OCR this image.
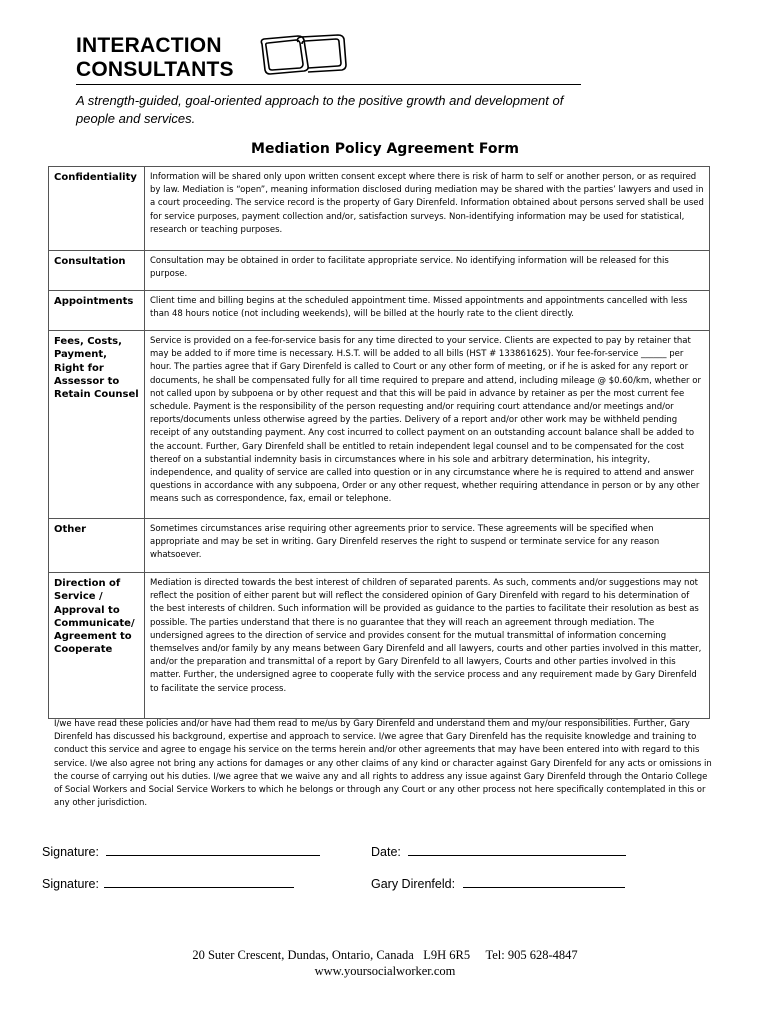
INTERACTION
CONSULTANTS
A strength-guided, goal-oriented approach to the positive growth and development of people and services.
Mediation Policy Agreement Form
Confidentiality	Information will be shared only upon written consent except where there is risk of harm to self or another person, or as required by law. Mediation is “open”, meaning information disclosed during mediation may be shared with the parties’ lawyers and used in a court proceeding. The service record is the property of Gary Direnfeld. Information obtained about persons served shall be used for service purposes, payment collection and/or, satisfaction surveys. Non-identifying information may be used for statistical, research or teaching purposes.
Consultation	Consultation may be obtained in order to facilitate appropriate service. No identifying information will be released for this purpose.
Appointments	Client time and billing begins at the scheduled appointment time. Missed appointments and appointments cancelled with less than 48 hours notice (not including weekends), will be billed at the hourly rate to the client directly.
Fees, Costs, Payment, Right for Assessor to Retain Counsel	Service is provided on a fee-for-service basis for any time directed to your service. Clients are expected to pay by retainer that may be added to if more time is necessary. H.S.T. will be added to all bills (HST # 133861625). Your fee-for-service ______ per hour. The parties agree that if Gary Direnfeld is called to Court or any other form of meeting, or if he is asked for any report or documents, he shall be compensated fully for all time required to prepare and attend, including mileage @ $0.60/km, whether or not called upon by subpoena or by other request and that this will be paid in advance by retainer as per the most current fee schedule. Payment is the responsibility of the person requesting and/or requiring court attendance and/or meetings and/or reports/documents unless otherwise agreed by the parties. Delivery of a report and/or other work may be withheld pending receipt of any outstanding payment. Any cost incurred to collect payment on an outstanding account balance shall be added to the account. Further, Gary Direnfeld shall be entitled to retain independent legal counsel and to be compensated for the cost thereof on a substantial indemnity basis in circumstances where in his sole and arbitrary determination, his integrity, independence, and quality of service are called into question or in any circumstance where he is required to attend and answer questions in accordance with any subpoena, Order or any other request, whether requiring attendance in person or by any other means such as correspondence, fax, email or telephone.
Other	Sometimes circumstances arise requiring other agreements prior to service. These agreements will be specified when appropriate and may be set in writing. Gary Direnfeld reserves the right to suspend or terminate service for any reason whatsoever.
Direction of Service / Approval to Communicate/ Agreement to Cooperate	Mediation is directed towards the best interest of children of separated parents. As such, comments and/or suggestions may not reflect the position of either parent but will reflect the considered opinion of Gary Direnfeld with regard to his determination of the best interests of children. Such information will be provided as guidance to the parties to facilitate their resolution as best as possible. The parties understand that there is no guarantee that they will reach an agreement through mediation. The undersigned agrees to the direction of service and provides consent for the mutual transmittal of information concerning themselves and/or family by any means between Gary Direnfeld and all lawyers, courts and other parties involved in this matter, and/or the preparation and transmittal of a report by Gary Direnfeld to all lawyers, Courts and other parties involved in this matter. Further, the undersigned agree to cooperate fully with the service process and any requirement made by Gary Direnfeld to facilitate the service process.
I/we have read these policies and/or have had them read to me/us by Gary Direnfeld and understand them and my/our responsibilities. Further, Gary Direnfeld has discussed his background, expertise and approach to service. I/we agree that Gary Direnfeld has the requisite knowledge and training to conduct this service and agree to engage his service on the terms herein and/or other agreements that may have been entered into with regard to this service. I/we also agree not bring any actions for damages or any other claims of any kind or character against Gary Direnfeld for any acts or omissions in the course of carrying out his duties. I/we agree that we waive any and all rights to address any issue against Gary Direnfeld through the Ontario College of Social Workers and Social Service Workers to which he belongs or through any Court or any other process not here specifically contemplated in this or any other jurisdiction.
Signature:	Date:
Signature:	Gary Direnfeld:
20 Suter Crescent, Dundas, Ontario, Canada   L9H 6R5     Tel: 905 628-4847
www.yoursocialworker.com
